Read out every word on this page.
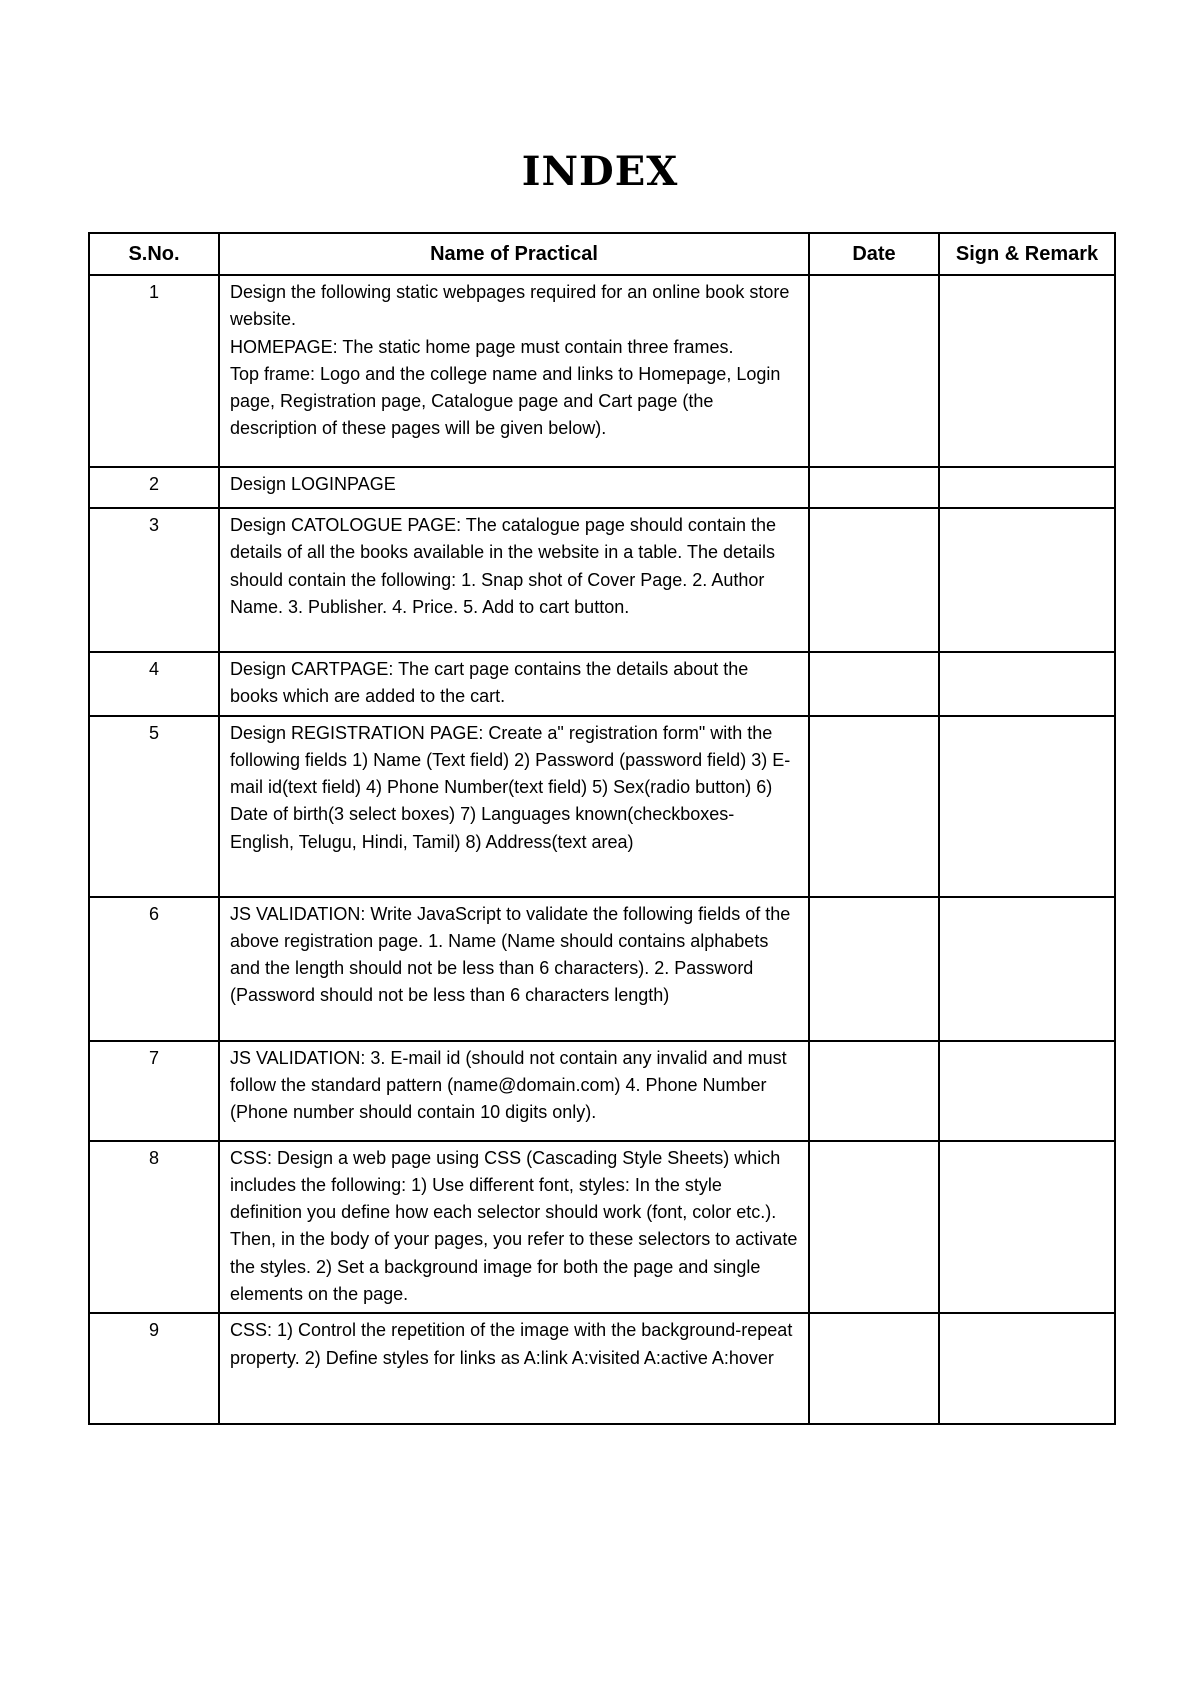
INDEX
S.No.	Name of Practical	Date	Sign & Remark
1	Design the following static webpages required for an online book store website.
HOMEPAGE: The static home page must contain three frames.
Top frame: Logo and the college name and links to Homepage, Login page, Registration page, Catalogue page and Cart page (the description of these pages will be given below).		
2	Design LOGINPAGE		
3	Design CATOLOGUE PAGE: The catalogue page should contain the details of all the books available in the website in a table. The details should contain the following: 1. Snap shot of Cover Page. 2. Author Name. 3. Publisher. 4. Price. 5. Add to cart button.		
4	Design CARTPAGE: The cart page contains the details about the books which are added to the cart.		
5	Design REGISTRATION PAGE: Create a" registration form" with the following fields 1) Name (Text field) 2) Password (password field) 3) E-mail id(text field) 4) Phone Number(text field) 5) Sex(radio button) 6) Date of birth(3 select boxes) 7) Languages known(checkboxes-English, Telugu, Hindi, Tamil) 8) Address(text area)		
6	JS VALIDATION: Write JavaScript to validate the following fields of the above registration page. 1. Name (Name should contains alphabets and the length should not be less than 6 characters). 2. Password (Password should not be less than 6 characters length)		
7	JS VALIDATION: 3. E-mail id (should not contain any invalid and must follow the standard pattern (name@domain.com) 4. Phone Number (Phone number should contain 10 digits only).		
8	CSS: Design a web page using CSS (Cascading Style Sheets) which includes the following: 1) Use different font, styles: In the style definition you define how each selector should work (font, color etc.). Then, in the body of your pages, you refer to these selectors to activate the styles. 2) Set a background image for both the page and single elements on the page.		
9	CSS: 1) Control the repetition of the image with the background-repeat property. 2) Define styles for links as A:link A:visited A:active A:hover		
